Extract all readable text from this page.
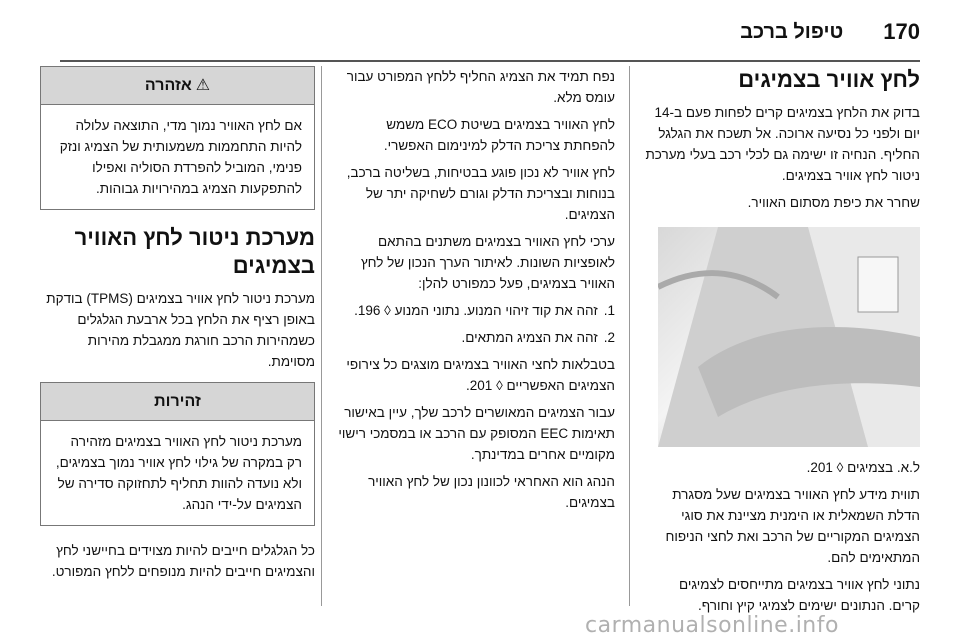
170
טיפול ברכב
לחץ אוויר בצמיגים

בדוק את הלחץ בצמיגים קרים לפחות פעם ב-14 יום ולפני כל נסיעה ארוכה. אל תשכח את הגלגל החליף. הנחיה זו ישימה גם לכלי רכב בעלי מערכת ניטור לחץ אוויר בצמיגים.

שחרר את כיפת מסתום האוויר.

ל.א. בצמיגים ◊ 201.

תווית מידע לחץ האוויר בצמיגים שעל מסגרת הדלת השמאלית או הימנית מציינת את סוגי הצמיגים המקוריים של הרכב ואת לחצי הניפוח המתאימים להם.

נתוני לחץ אוויר בצמיגים מתייחסים לצמיגים קרים. הנתונים ישימים לצמיגי קיץ וחורף.

נפח תמיד את הצמיג החליף ללחץ המפורט עבור עומס מלא.

לחץ האוויר בצמיגים בשיטת ECO משמש להפחתת צריכת הדלק למינימום האפשרי.

לחץ אוויר לא נכון פוגע בבטיחות, בשליטה ברכב, בנוחות ובצריכת הדלק וגורם לשחיקה יתר של הצמיגים.

ערכי לחץ האוויר בצמיגים משתנים בהתאם לאופציות השונות. לאיתור הערך הנכון של לחץ האוויר בצמיגים, פעל כמפורט להלן:

1.
זהה את קוד זיהוי המנוע. נתוני המנוע ◊ 196.
2.
זהה את הצמיג המתאים.

בטבלאות לחצי האוויר בצמיגים מוצגים כל צירופי הצמיגים האפשריים ◊ 201.

עבור הצמיגים המאושרים לרכב שלך, עיין באישור תאימות EEC המסופק עם הרכב או במסמכי רישוי מקומיים אחרים במדינתך.

הנהג הוא האחראי לכוונון נכון של לחץ האוויר בצמיגים.

⚠אזהרה
אם לחץ האוויר נמוך מדי, התוצאה עלולה להיות התחממות משמעותית של הצמיג ונזק פנימי, המוביל להפרדת הסוליה ואפילו להתפקעות הצמיג במהירויות גבוהות.
מערכת ניטור לחץ האוויר בצמיגים

מערכת ניטור לחץ אוויר בצמיגים (TPMS) בודקת באופן רציף את הלחץ בכל ארבעת הגלגלים כשמהירות הרכב חורגת ממגבלת מהירות מסוימת.

זהירות
מערכת ניטור לחץ האוויר בצמיגים מזהירה רק במקרה של גילוי לחץ אוויר נמוך בצמיגים, ולא נועדה להוות תחליף לתחזוקה סדירה של הצמיגים על-ידי הנהג.

כל הגלגלים חייבים להיות מצוידים בחיישני לחץ והצמיגים חייבים להיות מנופחים ללחץ המפורט.

carmanualsonline.info
